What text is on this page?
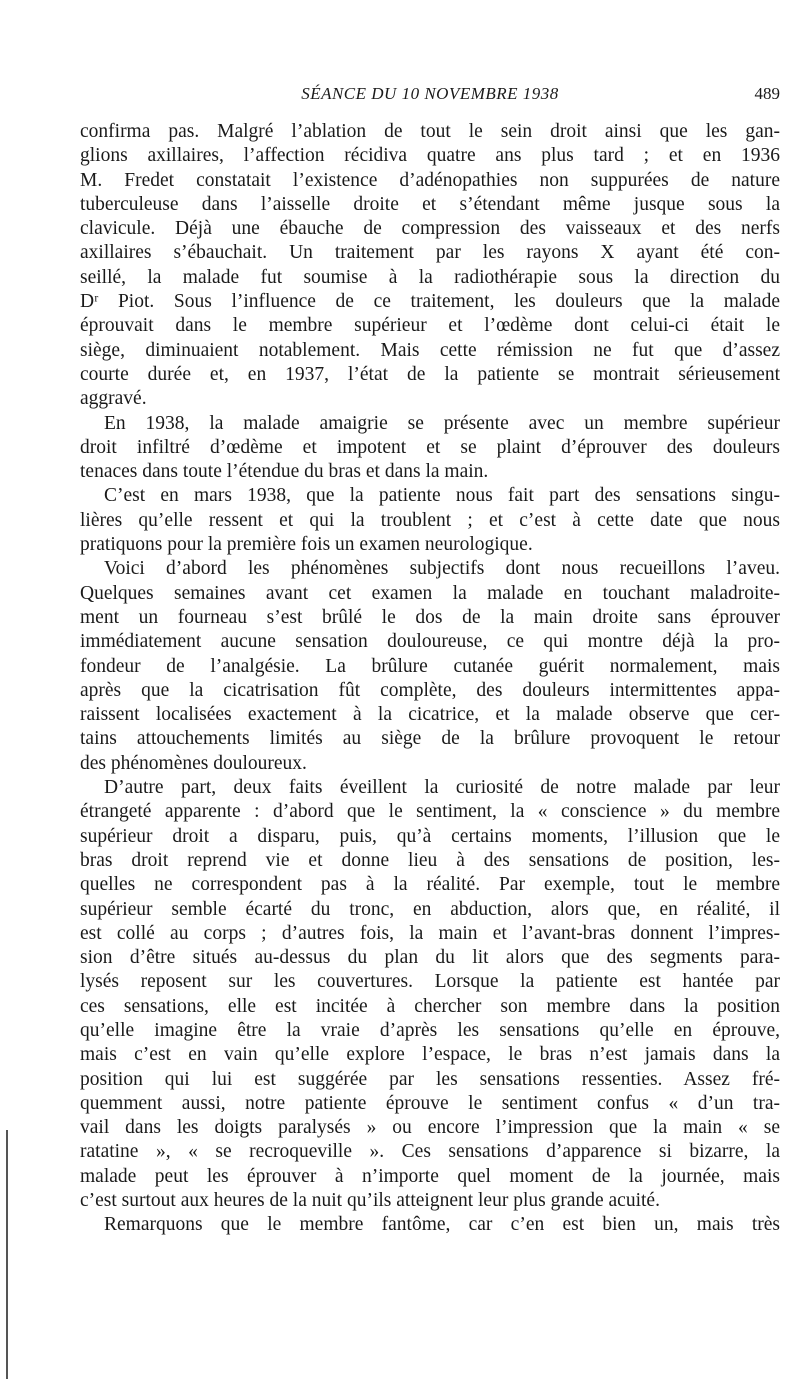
SÉANCE DU 10 NOVEMBRE 1938	489
confirma pas. Malgré l’ablation de tout le sein droit ainsi que les gan-
glions axillaires, l’affection récidiva quatre ans plus tard ; et en 1936
M. Fredet constatait l’existence d’adénopathies non suppurées de nature
tuberculeuse dans l’aisselle droite et s’étendant même jusque sous la
clavicule. Déjà une ébauche de compression des vaisseaux et des nerfs
axillaires s’ébauchait. Un traitement par les rayons X ayant été con-
seillé, la malade fut soumise à la radiothérapie sous la direction du
Dʳ Piot. Sous l’influence de ce traitement, les douleurs que la malade
éprouvait dans le membre supérieur et l’œdème dont celui-ci était le
siège, diminuaient notablement. Mais cette rémission ne fut que d’assez
courte durée et, en 1937, l’état de la patiente se montrait sérieusement
aggravé.
En 1938, la malade amaigrie se présente avec un membre supérieur
droit infiltré d’œdème et impotent et se plaint d’éprouver des douleurs
tenaces dans toute l’étendue du bras et dans la main.
C’est en mars 1938, que la patiente nous fait part des sensations singu-
lières qu’elle ressent et qui la troublent ; et c’est à cette date que nous
pratiquons pour la première fois un examen neurologique.
Voici d’abord les phénomènes subjectifs dont nous recueillons l’aveu.
Quelques semaines avant cet examen la malade en touchant maladroite-
ment un fourneau s’est brûlé le dos de la main droite sans éprouver
immédiatement aucune sensation douloureuse, ce qui montre déjà la pro-
fondeur de l’analgésie. La brûlure cutanée guérit normalement, mais
après que la cicatrisation fût complète, des douleurs intermittentes appa-
raissent localisées exactement à la cicatrice, et la malade observe que cer-
tains attouchements limités au siège de la brûlure provoquent le retour
des phénomènes douloureux.
D’autre part, deux faits éveillent la curiosité de notre malade par leur
étrangeté apparente : d’abord que le sentiment, la « conscience » du membre
supérieur droit a disparu, puis, qu’à certains moments, l’illusion que le
bras droit reprend vie et donne lieu à des sensations de position, les-
quelles ne correspondent pas à la réalité. Par exemple, tout le membre
supérieur semble écarté du tronc, en abduction, alors que, en réalité, il
est collé au corps ; d’autres fois, la main et l’avant-bras donnent l’impres-
sion d’être situés au-dessus du plan du lit alors que des segments para-
lysés reposent sur les couvertures. Lorsque la patiente est hantée par
ces sensations, elle est incitée à chercher son membre dans la position
qu’elle imagine être la vraie d’après les sensations qu’elle en éprouve,
mais c’est en vain qu’elle explore l’espace, le bras n’est jamais dans la
position qui lui est suggérée par les sensations ressenties. Assez fré-
quemment aussi, notre patiente éprouve le sentiment confus « d’un tra-
vail dans les doigts paralysés » ou encore l’impression que la main « se
ratatine », « se recroqueville ». Ces sensations d’apparence si bizarre, la
malade peut les éprouver à n’importe quel moment de la journée, mais
c’est surtout aux heures de la nuit qu’ils atteignent leur plus grande acuité.
Remarquons que le membre fantôme, car c’en est bien un, mais très
